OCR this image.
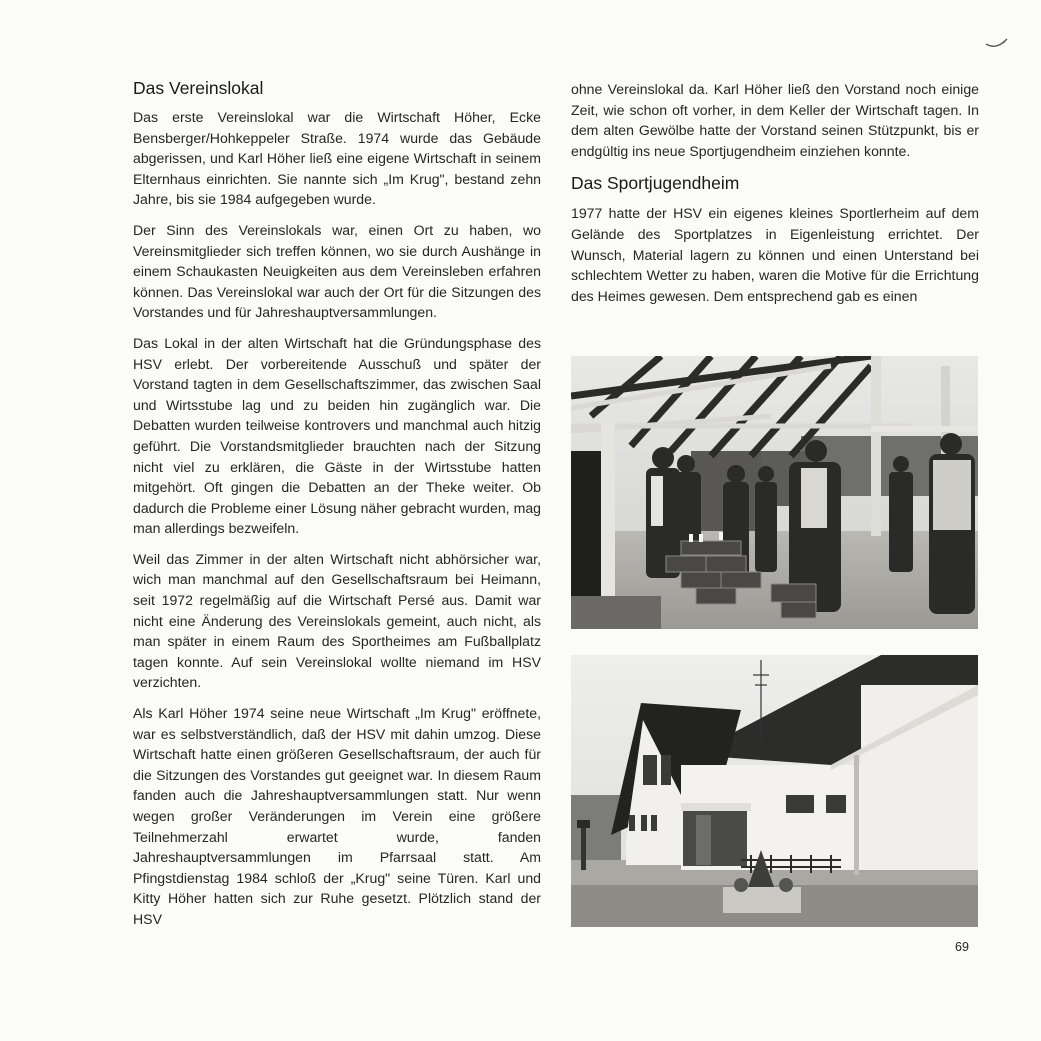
Das Vereinslokal

Das erste Vereinslokal war die Wirtschaft Höher, Ecke Bensberger/Hohkeppeler Straße. 1974 wurde das Gebäude abgerissen, und Karl Höher ließ eine eigene Wirtschaft in seinem Elternhaus einrichten. Sie nannte sich „Im Krug", bestand zehn Jahre, bis sie 1984 aufgegeben wurde.

Der Sinn des Vereinslokals war, einen Ort zu haben, wo Vereinsmitglieder sich treffen können, wo sie durch Aushänge in einem Schaukasten Neuigkeiten aus dem Vereinsleben erfahren können. Das Vereinslokal war auch der Ort für die Sitzungen des Vorstandes und für Jahreshauptversammlungen.

Das Lokal in der alten Wirtschaft hat die Gründungsphase des HSV erlebt. Der vorbereitende Ausschuß und später der Vorstand tagten in dem Gesellschaftszimmer, das zwischen Saal und Wirtsstube lag und zu beiden hin zugänglich war. Die Debatten wurden teilweise kontrovers und manchmal auch hitzig geführt. Die Vorstandsmitglieder brauchten nach der Sitzung nicht viel zu erklären, die Gäste in der Wirtsstube hatten mitgehört. Oft gingen die Debatten an der Theke weiter. Ob dadurch die Probleme einer Lösung näher gebracht wurden, mag man allerdings bezweifeln.

Weil das Zimmer in der alten Wirtschaft nicht abhörsicher war, wich man manchmal auf den Gesellschaftsraum bei Heimann, seit 1972 regelmäßig auf die Wirtschaft Persé aus. Damit war nicht eine Änderung des Vereinslokals gemeint, auch nicht, als man später in einem Raum des Sportheimes am Fußballplatz tagen konnte. Auf sein Vereinslokal wollte niemand im HSV verzichten.

Als Karl Höher 1974 seine neue Wirtschaft „Im Krug" eröffnete, war es selbstverständlich, daß der HSV mit dahin umzog. Diese Wirtschaft hatte einen größeren Gesellschaftsraum, der auch für die Sitzungen des Vorstandes gut geeignet war. In diesem Raum fanden auch die Jahreshauptversammlungen statt. Nur wenn wegen großer Veränderungen im Verein eine größere Teilnehmerzahl erwartet wurde, fanden Jahreshauptversammlungen im Pfarrsaal statt. Am Pfingstdienstag 1984 schloß der „Krug" seine Türen. Karl und Kitty Höher hatten sich zur Ruhe gesetzt. Plötzlich stand der HSV

ohne Vereinslokal da. Karl Höher ließ den Vorstand noch einige Zeit, wie schon oft vorher, in dem Keller der Wirtschaft tagen. In dem alten Gewölbe hatte der Vorstand seinen Stützpunkt, bis er endgültig ins neue Sportjugendheim einziehen konnte.

Das Sportjugendheim

1977 hatte der HSV ein eigenes kleines Sportlerheim auf dem Gelände des Sportplatzes in Eigenleistung errichtet. Der Wunsch, Material lagern zu können und einen Unterstand bei schlechtem Wetter zu haben, waren die Motive für die Errichtung des Heimes gewesen. Dem entsprechend gab es einen

69
